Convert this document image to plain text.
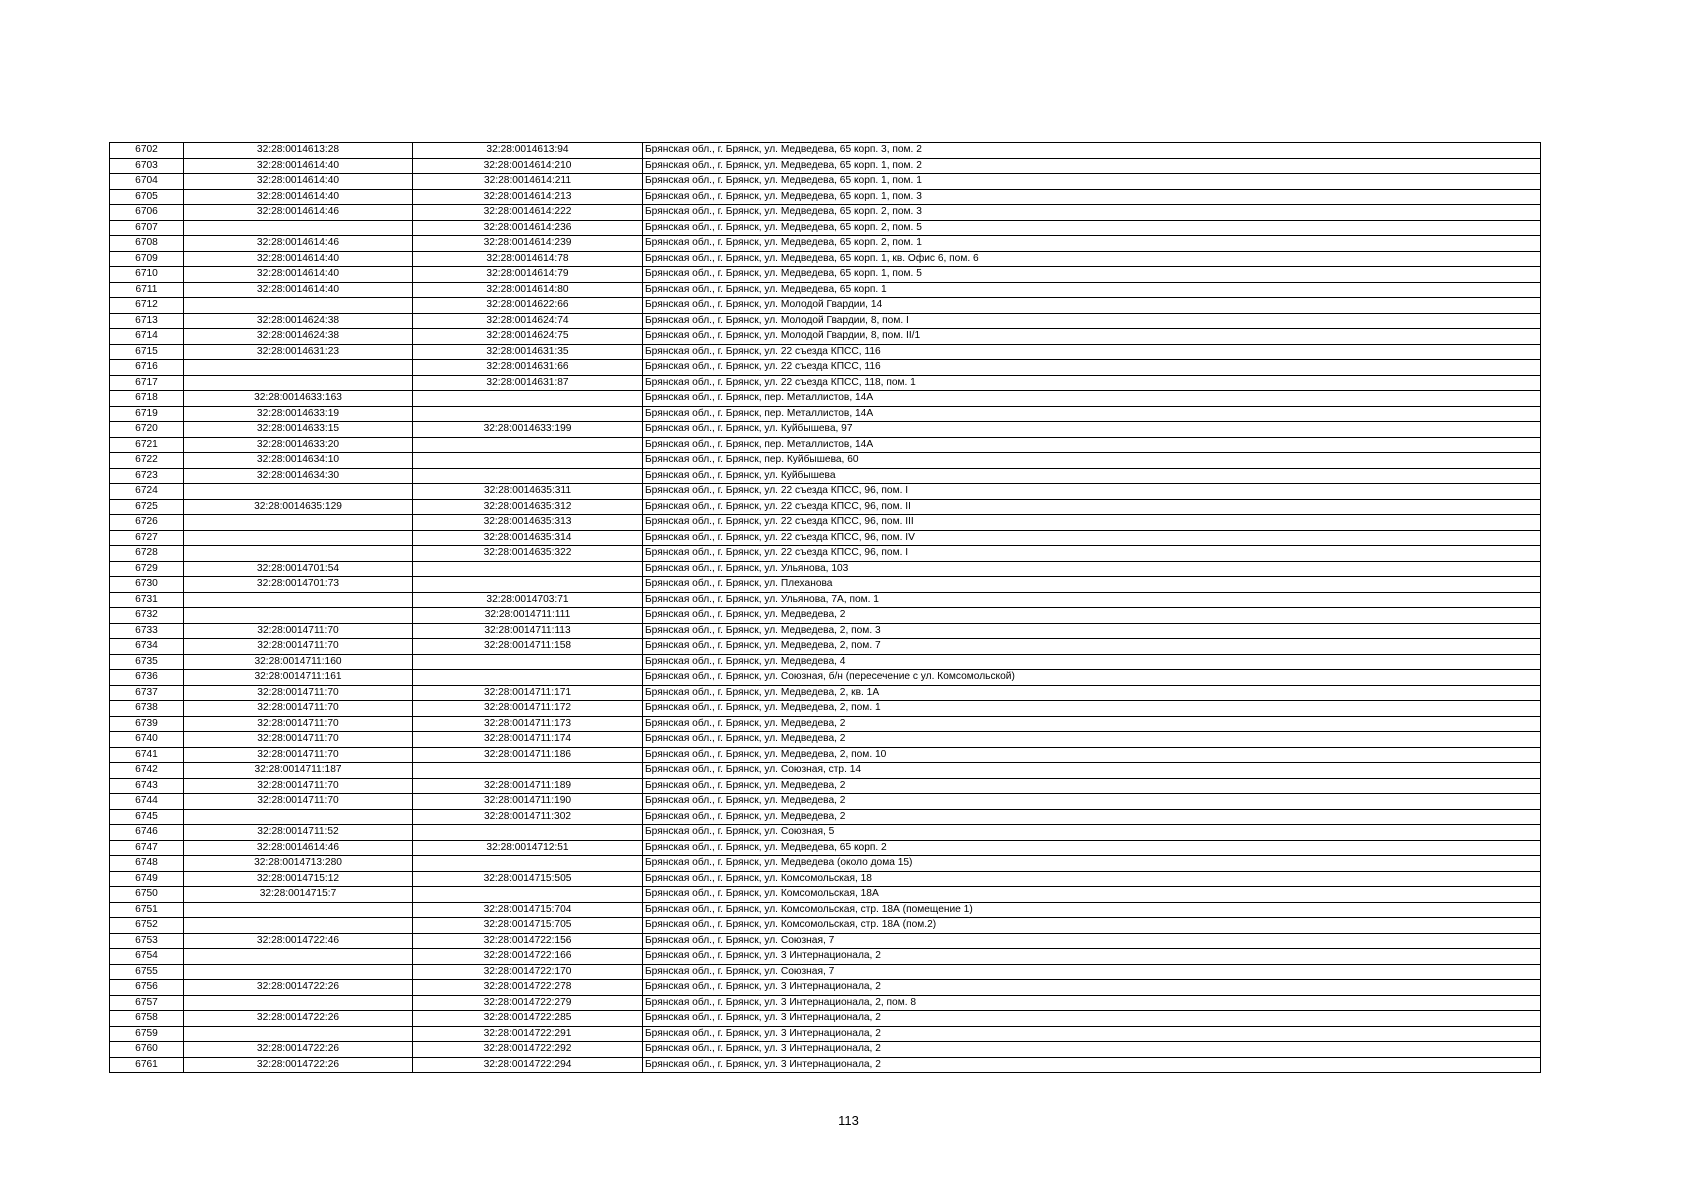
6702	32:28:0014613:28	32:28:0014613:94	Брянская обл., г. Брянск, ул. Медведева, 65 корп. 3, пом. 2
6703	32:28:0014614:40	32:28:0014614:210	Брянская обл., г. Брянск, ул. Медведева, 65 корп. 1, пом. 2
6704	32:28:0014614:40	32:28:0014614:211	Брянская обл., г. Брянск, ул. Медведева, 65 корп. 1, пом. 1
6705	32:28:0014614:40	32:28:0014614:213	Брянская обл., г. Брянск, ул. Медведева, 65 корп. 1, пом. 3
6706	32:28:0014614:46	32:28:0014614:222	Брянская обл., г. Брянск, ул. Медведева, 65 корп. 2, пом. 3
6707		32:28:0014614:236	Брянская обл., г. Брянск, ул. Медведева, 65 корп. 2, пом. 5
6708	32:28:0014614:46	32:28:0014614:239	Брянская обл., г. Брянск, ул. Медведева, 65 корп. 2, пом. 1
6709	32:28:0014614:40	32:28:0014614:78	Брянская обл., г. Брянск, ул. Медведева, 65 корп. 1, кв. Офис 6, пом. 6
6710	32:28:0014614:40	32:28:0014614:79	Брянская обл., г. Брянск, ул. Медведева, 65 корп. 1, пом. 5
6711	32:28:0014614:40	32:28:0014614:80	Брянская обл., г. Брянск, ул. Медведева, 65 корп. 1
6712		32:28:0014622:66	Брянская обл., г. Брянск, ул. Молодой Гвардии, 14
6713	32:28:0014624:38	32:28:0014624:74	Брянская обл., г. Брянск, ул. Молодой Гвардии, 8, пом. I
6714	32:28:0014624:38	32:28:0014624:75	Брянская обл., г. Брянск, ул. Молодой Гвардии, 8, пом. II/1
6715	32:28:0014631:23	32:28:0014631:35	Брянская обл., г. Брянск, ул. 22 съезда КПСС, 116
6716		32:28:0014631:66	Брянская обл., г. Брянск, ул. 22 съезда КПСС, 116
6717		32:28:0014631:87	Брянская обл., г. Брянск, ул. 22 съезда КПСС, 118, пом. 1
6718	32:28:0014633:163		Брянская обл., г. Брянск, пер. Металлистов, 14А
6719	32:28:0014633:19		Брянская обл., г. Брянск, пер. Металлистов, 14А
6720	32:28:0014633:15	32:28:0014633:199	Брянская обл., г. Брянск, ул. Куйбышева, 97
6721	32:28:0014633:20		Брянская обл., г. Брянск, пер. Металлистов, 14А
6722	32:28:0014634:10		Брянская обл., г. Брянск, пер. Куйбышева, 60
6723	32:28:0014634:30		Брянская обл., г. Брянск, ул. Куйбышева
6724		32:28:0014635:311	Брянская обл., г. Брянск, ул. 22 съезда КПСС, 96, пом. I
6725	32:28:0014635:129	32:28:0014635:312	Брянская обл., г. Брянск, ул. 22 съезда КПСС, 96, пом. II
6726		32:28:0014635:313	Брянская обл., г. Брянск, ул. 22 съезда КПСС, 96, пом. III
6727		32:28:0014635:314	Брянская обл., г. Брянск, ул. 22 съезда КПСС, 96, пом. IV
6728		32:28:0014635:322	Брянская обл., г. Брянск, ул. 22 съезда КПСС, 96, пом. I
6729	32:28:0014701:54		Брянская обл., г. Брянск, ул. Ульянова, 103
6730	32:28:0014701:73		Брянская обл., г. Брянск, ул. Плеханова
6731		32:28:0014703:71	Брянская обл., г. Брянск, ул. Ульянова, 7А, пом. 1
6732		32:28:0014711:111	Брянская обл., г. Брянск, ул. Медведева, 2
6733	32:28:0014711:70	32:28:0014711:113	Брянская обл., г. Брянск, ул. Медведева, 2, пом. 3
6734	32:28:0014711:70	32:28:0014711:158	Брянская обл., г. Брянск, ул. Медведева, 2, пом. 7
6735	32:28:0014711:160		Брянская обл., г. Брянск, ул. Медведева, 4
6736	32:28:0014711:161		Брянская обл., г. Брянск, ул. Союзная, б/н (пересечение с ул. Комсомольской)
6737	32:28:0014711:70	32:28:0014711:171	Брянская обл., г. Брянск, ул. Медведева, 2, кв. 1А
6738	32:28:0014711:70	32:28:0014711:172	Брянская обл., г. Брянск, ул. Медведева, 2, пом. 1
6739	32:28:0014711:70	32:28:0014711:173	Брянская обл., г. Брянск, ул. Медведева, 2
6740	32:28:0014711:70	32:28:0014711:174	Брянская обл., г. Брянск, ул. Медведева, 2
6741	32:28:0014711:70	32:28:0014711:186	Брянская обл., г. Брянск, ул. Медведева, 2, пом. 10
6742	32:28:0014711:187		Брянская обл., г. Брянск, ул. Союзная, стр. 14
6743	32:28:0014711:70	32:28:0014711:189	Брянская обл., г. Брянск, ул. Медведева, 2
6744	32:28:0014711:70	32:28:0014711:190	Брянская обл., г. Брянск, ул. Медведева, 2
6745		32:28:0014711:302	Брянская обл., г. Брянск, ул. Медведева, 2
6746	32:28:0014711:52		Брянская обл., г. Брянск, ул. Союзная, 5
6747	32:28:0014614:46	32:28:0014712:51	Брянская обл., г. Брянск, ул. Медведева, 65 корп. 2
6748	32:28:0014713:280		Брянская обл., г. Брянск, ул. Медведева (около дома 15)
6749	32:28:0014715:12	32:28:0014715:505	Брянская обл., г. Брянск, ул. Комсомольская, 18
6750	32:28:0014715:7		Брянская обл., г. Брянск, ул. Комсомольская, 18А
6751		32:28:0014715:704	Брянская обл., г. Брянск, ул. Комсомольская, стр. 18А (помещение 1)
6752		32:28:0014715:705	Брянская обл., г. Брянск, ул. Комсомольская, стр. 18А (пом.2)
6753	32:28:0014722:46	32:28:0014722:156	Брянская обл., г. Брянск, ул. Союзная, 7
6754		32:28:0014722:166	Брянская обл., г. Брянск, ул. 3 Интернационала, 2
6755		32:28:0014722:170	Брянская обл., г. Брянск, ул. Союзная, 7
6756	32:28:0014722:26	32:28:0014722:278	Брянская обл., г. Брянск, ул. 3 Интернационала, 2
6757		32:28:0014722:279	Брянская обл., г. Брянск, ул. 3 Интернационала, 2, пом. 8
6758	32:28:0014722:26	32:28:0014722:285	Брянская обл., г. Брянск, ул. 3 Интернационала, 2
6759		32:28:0014722:291	Брянская обл., г. Брянск, ул. 3 Интернационала, 2
6760	32:28:0014722:26	32:28:0014722:292	Брянская обл., г. Брянск, ул. 3 Интернационала, 2
6761	32:28:0014722:26	32:28:0014722:294	Брянская обл., г. Брянск, ул. 3 Интернационала, 2
113
